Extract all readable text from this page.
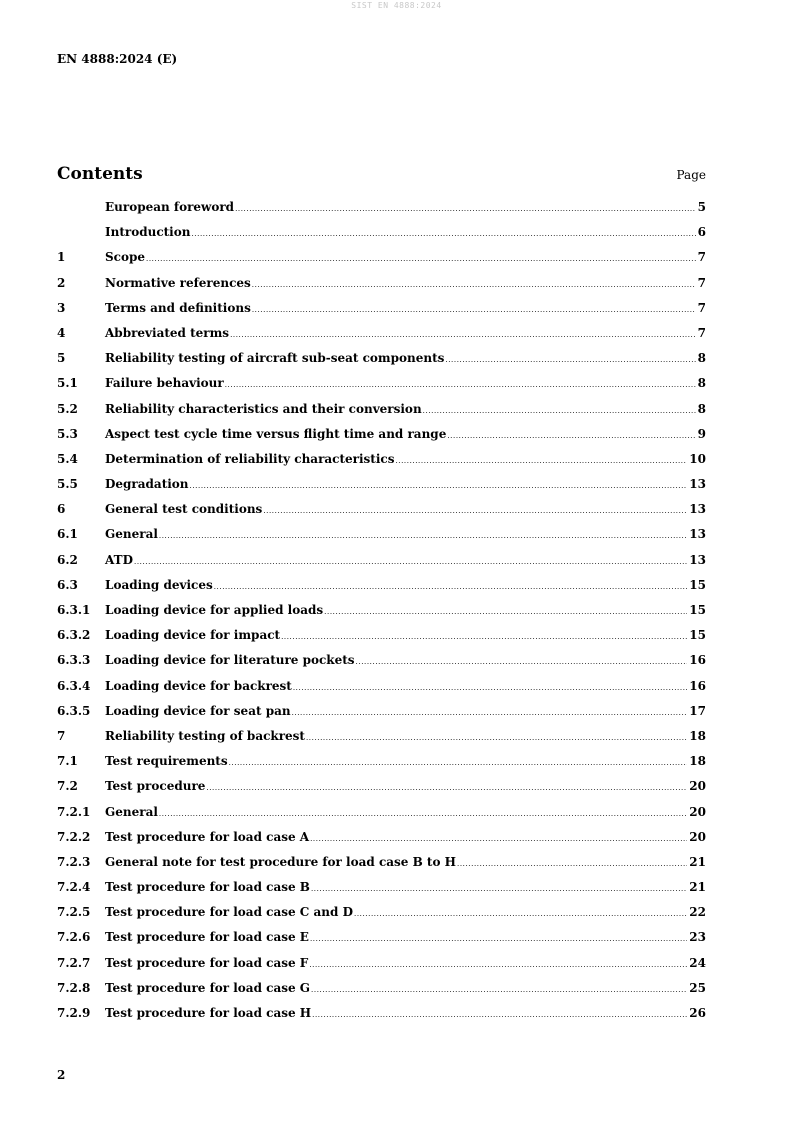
SIST EN 4888:2024
EN 4888:2024 (E)
Contents	Page
European foreword .....	5
Introduction .....	6
1	Scope .....	7
2	Normative references .....	7
3	Terms and definitions .....	7
4	Abbreviated terms .....	7
5	Reliability testing of aircraft sub-seat components .....	8
5.1	Failure behaviour .....	8
5.2	Reliability characteristics and their conversion .....	8
5.3	Aspect test cycle time versus flight time and range .....	9
5.4	Determination of reliability characteristics .....	10
5.5	Degradation .....	13
6	General test conditions .....	13
6.1	General .....	13
6.2	ATD .....	13
6.3	Loading devices .....	15
6.3.1	Loading device for applied loads .....	15
6.3.2	Loading device for impact .....	15
6.3.3	Loading device for literature pockets .....	16
6.3.4	Loading device for backrest .....	16
6.3.5	Loading device for seat pan .....	17
7	Reliability testing of backrest .....	18
7.1	Test requirements .....	18
7.2	Test procedure .....	20
7.2.1	General .....	20
7.2.2	Test procedure for load case A .....	20
7.2.3	General note for test procedure for load case B to H .....	21
7.2.4	Test procedure for load case B .....	21
7.2.5	Test procedure for load case C and D .....	22
7.2.6	Test procedure for load case E .....	23
7.2.7	Test procedure for load case F .....	24
7.2.8	Test procedure for load case G .....	25
7.2.9	Test procedure for load case H .....	26
2
